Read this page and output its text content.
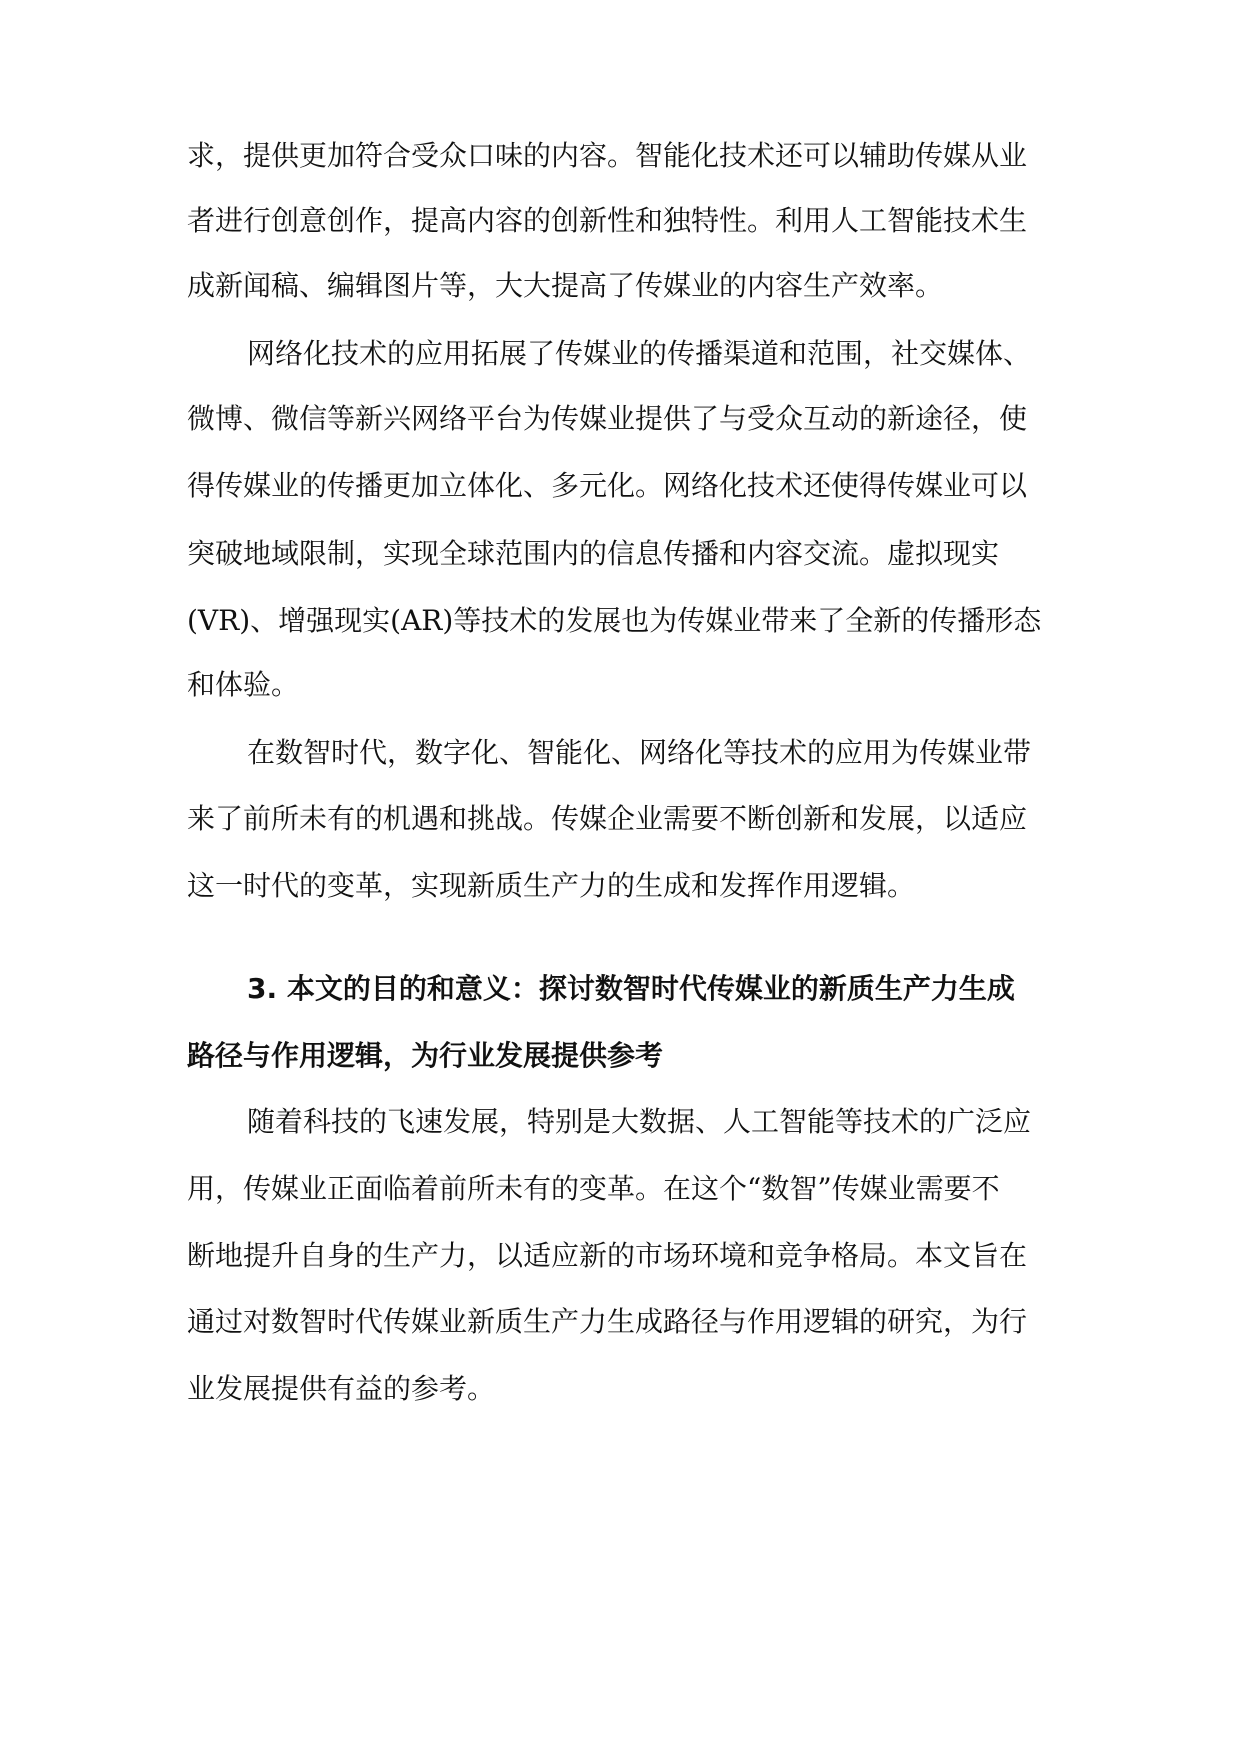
求，提供更加符合受众口味的内容。智能化技术还可以辅助传媒从业
者进行创意创作，提高内容的创新性和独特性。利用人工智能技术生
成新闻稿、编辑图片等，大大提高了传媒业的内容生产效率。
网络化技术的应用拓展了传媒业的传播渠道和范围，社交媒体、
微博、微信等新兴网络平台为传媒业提供了与受众互动的新途径，使
得传媒业的传播更加立体化、多元化。网络化技术还使得传媒业可以
突破地域限制，实现全球范围内的信息传播和内容交流。虚拟现实
(VR)、增强现实(AR)等技术的发展也为传媒业带来了全新的传播形态
和体验。
在数智时代，数字化、智能化、网络化等技术的应用为传媒业带
来了前所未有的机遇和挑战。传媒企业需要不断创新和发展，以适应
这一时代的变革，实现新质生产力的生成和发挥作用逻辑。
3. 本文的目的和意义：探讨数智时代传媒业的新质生产力生成
路径与作用逻辑，为行业发展提供参考
随着科技的飞速发展，特别是大数据、人工智能等技术的广泛应
用，传媒业正面临着前所未有的变革。在这个“数智”传媒业需要不
断地提升自身的生产力，以适应新的市场环境和竞争格局。本文旨在
通过对数智时代传媒业新质生产力生成路径与作用逻辑的研究，为行
业发展提供有益的参考。
